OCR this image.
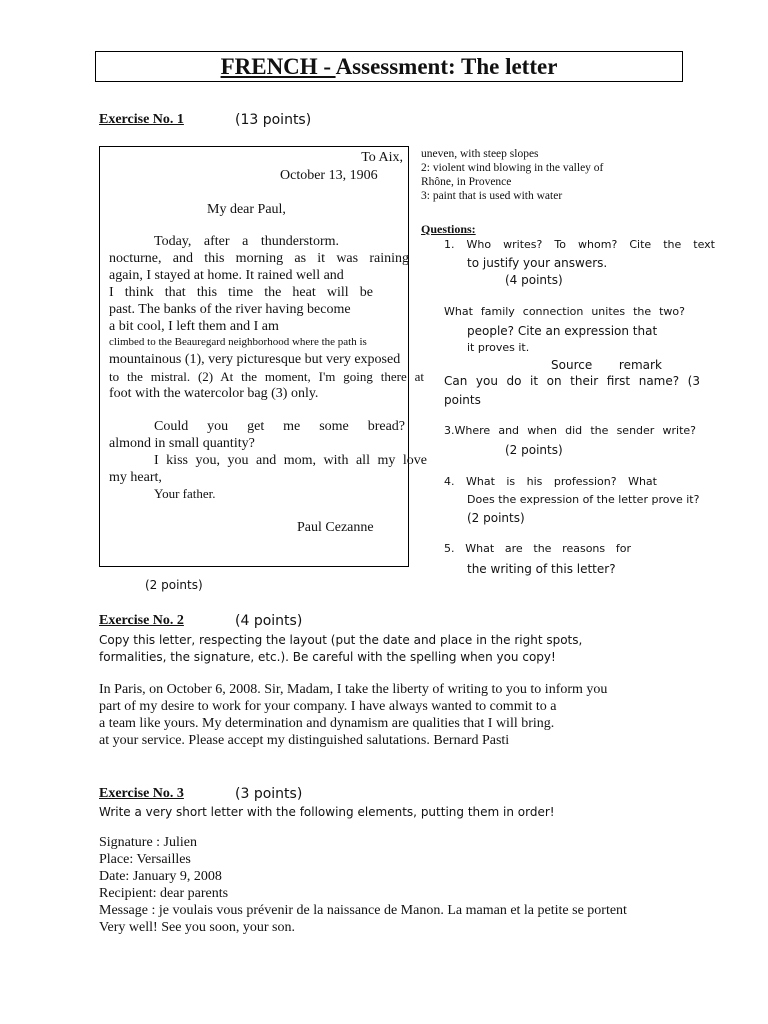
FRENCH - Assessment: The letter
Exercise No. 1	(13 points)
To Aix,
October 13, 1906
My dear Paul,
Today, after a thunderstorm.
nocturne, and this morning as it was raining
again, I stayed at home. It rained well and
I think that this time the heat will be
past. The banks of the river having become
a bit cool, I left them and I am
climbed to the Beauregard neighborhood where the path is
mountainous (1), very picturesque but very exposed
to the mistral. (2) At the moment, I'm going there at
foot with the watercolor bag (3) only.
Could you get me some bread?
almond in small quantity?
I kiss you, you and mom, with all my love
my heart,
Your father.
Paul Cezanne
(2 points)
uneven, with steep slopes
2: violent wind blowing in the valley of
Rhône, in Provence
3: paint that is used with water
Questions:
1. Who writes? To whom? Cite the text
to justify your answers.
(4 points)
What family connection unites the two?
people? Cite an expression that
it proves it.
Source       remark
Can you do it on their first name? (3
points
3.Where and when did the sender write?
(2 points)
4. What is his profession? What
Does the expression of the letter prove it?
(2 points)
5. What are the reasons for
the writing of this letter?
Exercise No. 2	(4 points)
Copy this letter, respecting the layout (put the date and place in the right spots,
formalities, the signature, etc.). Be careful with the spelling when you copy!
In Paris, on October 6, 2008. Sir, Madam, I take the liberty of writing to you to inform you
part of my desire to work for your company. I have always wanted to commit to a
a team like yours. My determination and dynamism are qualities that I will bring.
at your service. Please accept my distinguished salutations. Bernard Pasti
Exercise No. 3	(3 points)
Write a very short letter with the following elements, putting them in order!
Signature : Julien
Place: Versailles
Date: January 9, 2008
Recipient: dear parents
Message : je voulais vous prévenir de la naissance de Manon. La maman et la petite se portent
Very well! See you soon, your son.
